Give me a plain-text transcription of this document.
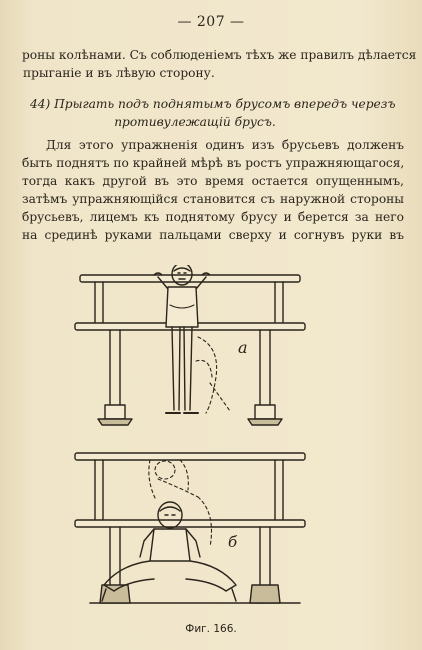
— 207 —
роны колѣнами. Съ соблюденіемъ тѣхъ же правилъ дѣлается
прыганіе и въ лѣвую сторону.
44) Прыгать подъ поднятымъ брусомъ впередъ черезъ
противулежащій брусъ.
Для этого упражненія одинъ изъ брусьевъ долженъ
быть поднятъ по крайней мѣрѣ въ ростъ упражняющагося,
тогда какъ другой въ это время остается опущеннымъ,
затѣмъ упражняющійся становится съ наружной стороны
брусьевъ, лицемъ къ поднятому брусу и берется за него
на срединѣ руками пальцами сверху и согнувъ руки въ
a
б
Фиг. 166.
